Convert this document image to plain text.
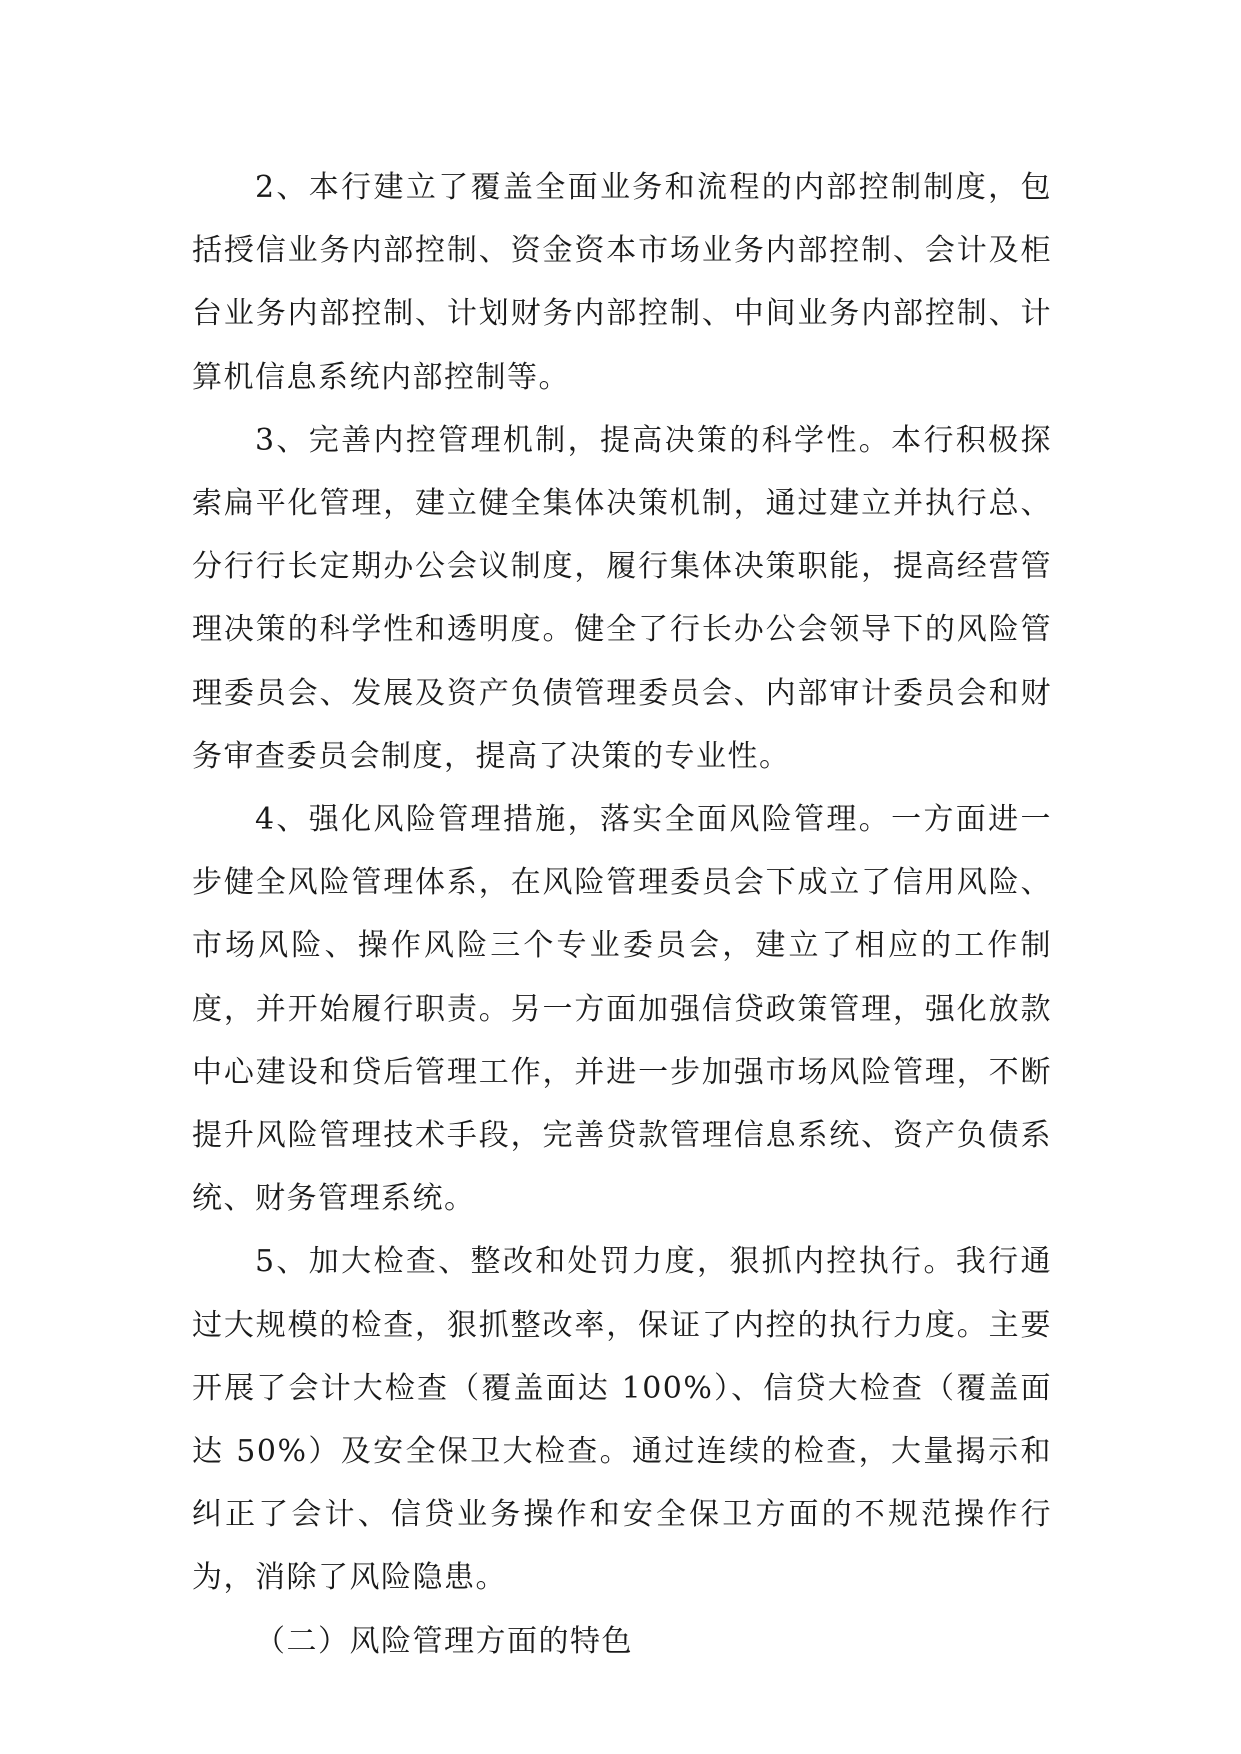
2、本行建立了覆盖全面业务和流程的内部控制制度，包括授信业务内部控制、资金资本市场业务内部控制、会计及柜台业务内部控制、计划财务内部控制、中间业务内部控制、计算机信息系统内部控制等。

3、完善内控管理机制，提高决策的科学性。本行积极探索扁平化管理，建立健全集体决策机制，通过建立并执行总、分行行长定期办公会议制度，履行集体决策职能，提高经营管理决策的科学性和透明度。健全了行长办公会领导下的风险管理委员会、发展及资产负债管理委员会、内部审计委员会和财务审查委员会制度，提高了决策的专业性。

4、强化风险管理措施，落实全面风险管理。一方面进一步健全风险管理体系，在风险管理委员会下成立了信用风险、市场风险、操作风险三个专业委员会，建立了相应的工作制度，并开始履行职责。另一方面加强信贷政策管理，强化放款中心建设和贷后管理工作，并进一步加强市场风险管理，不断提升风险管理技术手段，完善贷款管理信息系统、资产负债系统、财务管理系统。

5、加大检查、整改和处罚力度，狠抓内控执行。我行通过大规模的检查，狠抓整改率，保证了内控的执行力度。主要开展了会计大检查（覆盖面达 100%）、信贷大检查（覆盖面达 50%）及安全保卫大检查。通过连续的检查，大量揭示和纠正了会计、信贷业务操作和安全保卫方面的不规范操作行为，消除了风险隐患。

（二）风险管理方面的特色
